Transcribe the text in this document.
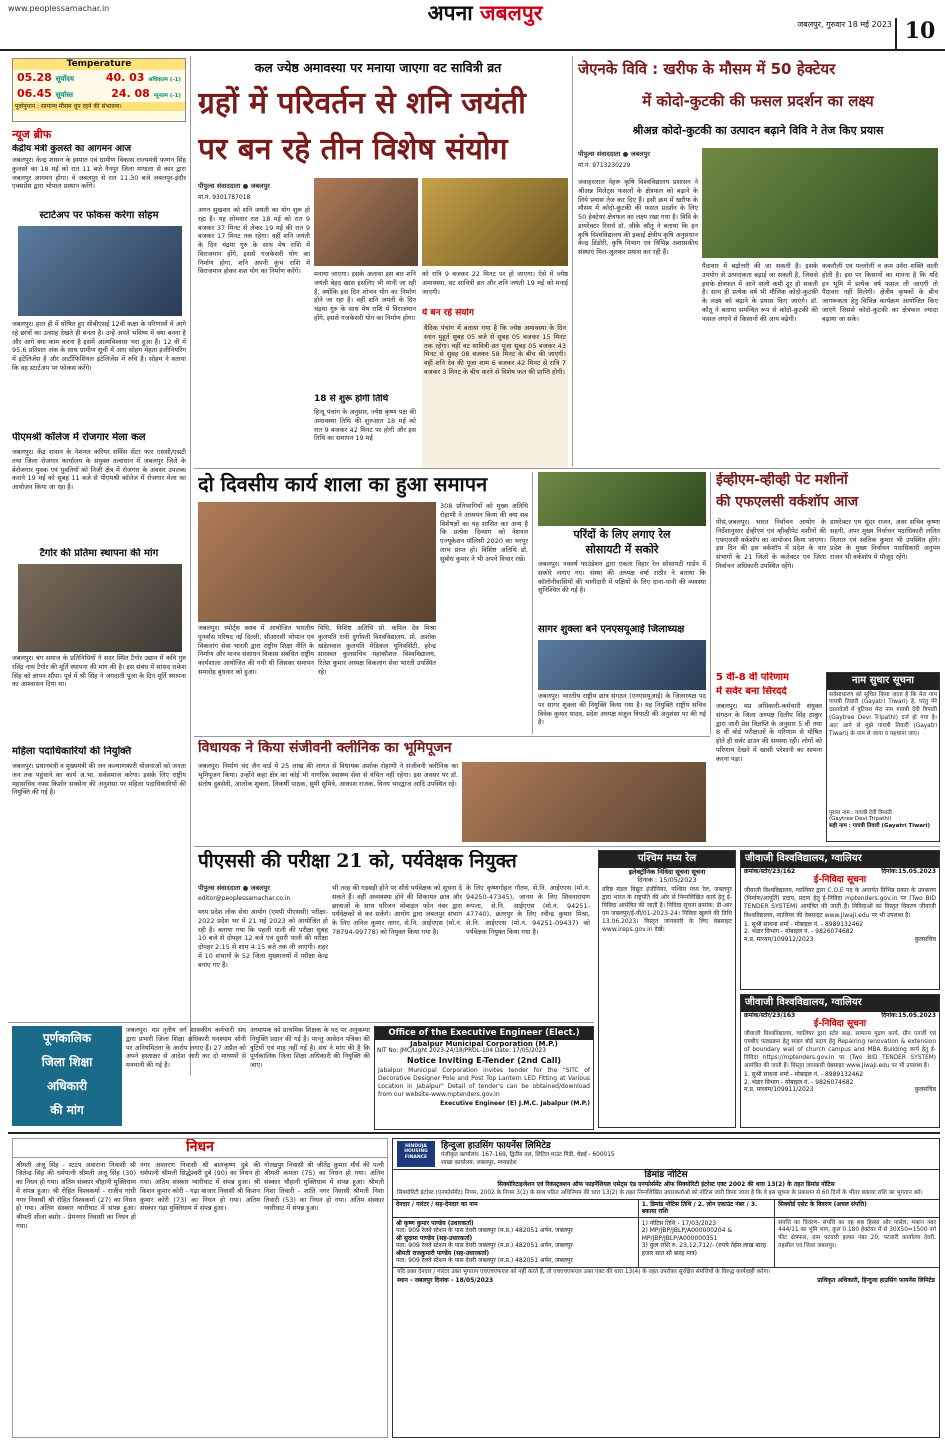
www.peoplessamachar.in	अपना जबलपुर	जबलपुर, गुरुवार 18 मई 2023 10
Temperature
05.28 सूर्योदय	40. 03 अधिकतम (-1)
06.45 सूर्यास्त	24. 08 न्यूनतम (-1)
पूर्वानुमान : सामान्य मौसम धूप रहने की संभावना।
न्यूज ब्रीफ
केंद्रीय मंत्री कुलस्ते का आगमन आज
जबलपुर। केन्द्र शासन के इस्पात एवं ग्रामीण विकास राज्यमंत्री फग्गन सिंह कुलस्ते का 18 मई को रात 11 बजे नैनपुर जिला मण्डला से कार द्वारा जबलपुर आगमन होगा। वे जबलपुर से रात 11.30 बजे जबलपुर-इंदौर एक्सप्रेस द्वारा भोपाल प्रस्थान करेंगे।
स्टार्टअप पर फोकस करेगा सोहम
जबलपुर। हाल ही में घोषित हुए सीबीएसई 12वीं कक्षा के परिणामों में आगे रहे छात्रों का उत्साह देखते ही बनता है। उन्हें अपने भविष्य में क्या बनना है और आगे क्या काम करना है इसमें आत्मविश्वास भरा हुआ है। 12 वीं में 95.6 प्रतिशत अंक के साथ ग्रामीण सूची में आए सोहम मेहता इंजीनियरिंग में इंटेलिजेंस है और आर्टीफिशियल इंटेलिजेंस में रुचि है। सोहम ने बताया कि वह स्टार्टअप पर फोकस करेंगे।
पीएमश्री कॉलेज में रोजगार मेला कल
जबलपुर। केंद्र शासन के नेशनल करियर सर्विस सेंटर फार एससी/एसटी तथा जिला रोजगार कार्यालय के संयुक्त तत्वाधान में जबलपुर जिले के बेरोजगार युवक एवं युवतियों को निजी क्षेत्र में रोजगार के अवसर उपलब्ध कराने 19 मई को सुबह 11 बजे से पीएमश्री कॉलेज में रोजगार मेला का आयोजन किया जा रहा है।
टैगोर की प्रतिमा स्थापना की मांग
जबलपुर। बंग समाज के प्रतिनिधियों ने सदर स्थित टैगोर उद्यान में कवि गुरु रविंद्र नाथ टैगोर की मूर्ति स्थापना की मांग की है। इस संबंध में सांसद राकेश सिंह को ज्ञापन सौंपा। पूर्व में श्री सिंह ने जगदाती पूजा के दिन मूर्ति स्थापना का आश्वासन दिया था।
महिला पदाधिकारियों की नियुक्ति
जबलपुर। प्रधानमंत्री व मुख्यमंत्री की जन कल्याणकारी योजनाओं को जनता जन तक पहुंचाने का कार्य अ.भा. सर्वसमाज करेगा। इसके लिए राष्ट्रीय महासचिव नफ्स किशोर सक्सेना की अनुशंसा पर महिला पदाधिकारियों की नियुक्ति की गई है।
कल ज्येष्ठ अमावस्या पर मनाया जाएगा वट सावित्री व्रत
ग्रहों में परिवर्तन से शनि जयंती
पर बन रहे तीन विशेष संयोग
पीपुल्स संवाददाता ● जबलपुर
मो.नं. 9301787018
अगन सुखवार को शनि जयंती का योग शुरू हो रहा है। यह सोमवार रात 18 मई को रात 9 बजकर 37 मिनट से लेकर 19 मई की रात 9 बजकर 17 मिनट तक रहेगा। वहीं शनि जयंती के दिन चंद्रमा गुरु के साथ मेष राशि में विराजमान होंगे, इससे गजकेसरी योग का निर्माण होगा, शनि अपनी कुंभ राशि में विराजमान होकर शश योग का निर्माण करेंगे।	मनाया जाएगा। इसके अलावा इस बार शनि जयंती बेहद खास इसलिए भी मानी जा रही है, क्योंकि इस दिन शोभन योग का निर्माण होने जा रहा है। वहीं शनि जयंती के दिन चंद्रमा गुरु के साथ मेष राशि में विराजमान होंगे, इससे गजकेसरी योग का निर्माण होगा।
18 से शुरू होगी तिथि
हिन्दू पंचांग के अनुसार, ज्येष्ठ कृष्ण पक्ष की अमावस्या तिथि की शुरुआत 18 मई को रात 9 बजकर 42 मिनट पर होगी और इस तिथि का समापन 19 मई
को रात्रि 9 बजकर 22 मिनट पर हो जाएगा। ऐसे में ज्येष्ठ अमावस्या, वट सावित्री व्रत और शनि जयंती 19 मई को मनाई जाएगी।
ये बन रहे संयोग
वैदिक पंचांग में बताया गया है कि ज्येष्ठ अमावस्या के दिन स्नान मुहूर्त सुबह 05 बजे से सुबह 05 बजकर 15 मिनट तक रहेगा। वहीं वट सावित्री व्रत पूजा सुबह 05 बजकर 43 मिनट से सुबह 08 बजकर 58 मिनट के बीच की जाएगी। वहीं शनि देव की पूजा शाम 6 बजकर 42 मिनट से रात्रि 7 बजकर 3 मिनट के बीच करने से विशेष फल की प्राप्ति होगी।
जेएनके विवि : खरीफ के मौसम में 50 हेक्टेयर
में कोदो-कुटकी की फसल प्रदर्शन का लक्ष्य
श्रीअन्न कोदो-कुटकी का उत्पादन बढ़ाने विवि ने तेज किए प्रयास
पीपुल्स संवाददाता ● जबलपुर
मो.नं. 9713230229
जवाहरलाल नेहरू कृषि विश्वविद्यालय प्रशासन ने श्रीअन्न मिलेट्स फसलों के क्षेत्रफल को बढ़ाने के लिये प्रयास तेज कर दिए हैं। इसी क्रम में खरीफ के मौसम में कोदो-कुटकी की फसल प्रदर्शन के लिए 50 हेक्टेयर क्षेत्रफल का लक्ष्य रखा गया है। विवि के डायरेक्टर रिसर्च डॉ. जीके कौतू ने बताया कि इन कृषि विश्वविद्यालय की इकाई क्षेत्रीय कृषि अनुसंधान केन्द्र डिंडोरी, कृषि विभाग एवं विभिन्न अशासकीय संस्थाएं मिल-जुलकर प्रयास कर रही हैं।
पैदावार में बढ़ोत्तरी की जा सकती है। इसके उपयोग से उत्पादकता बढ़ाई जा सकती है, जिससे इसके क्षेत्रफल में आने वाली कमी दूर हो सकती है। साथ ही प्रत्येक वर्ष भी मौलिक कोदो-कुटकी के लक्ष्य को बढ़ाने के प्रयास किए जाएंगे। डॉ. कौतू ने बताया समन्वित रूप से कोदो-कुटकी की फसल लगाने से किसानों की आय बढ़ेगी।
ककरौली एवं पल्लोली व कम उर्वरा शक्ति वाली होती है। इस पर किसानों का मानना है कि यदि इन भूमि में प्रत्येक वर्ष फसल ली जाएगी तो पैदावार नहीं मिलेगी। क्षेत्रीय कृषकों के बीच जागरूकता हेतु विभिन्न कार्यक्रम आयोजित किए जाएंगे जिससे कोदो-कुटकी का क्षेत्रफल ज्यादा बढ़ाया जा सके।
दो दिवसीय कार्य शाला का हुआ समापन
जबलपुर। स्पोर्ट्स क्लब में आयोजित भारतीय पुनर्वास परिषद नई दिल्ली, सीआरसी भोपाल एवं विकलांग सेवा भारती द्वारा राष्ट्रीय शिक्षा नीति के निर्माण और मानव संसाधन विकास संबंधित राष्ट्रीय कार्यशाला आयोजित की गयी थी जिसका समापन समारोह बुधवार को हुआ।
विधि, विशिष्ट अतिथि प्रो. कपिल देव मिश्रा कुलपति रानी दुर्गावती विश्वविद्यालय, प्रो. अशोक खंडेलवाल कुलपति मेडिकल यूनिवर्सिटी, हरेन्द्र सारस्वत कुलसचिव महाकौशल विश्वविद्यालय, रितेश कुमार अध्यक्ष विकलांग सेवा भारती उपस्थित रहे।
308 प्रतिभागियों को मुख्य अतिथि रोहाणी ने अध्ययन किया की क्या सब विशेषज्ञों का यह शासित कर अन्य है कि प्रत्येक दिव्यांग को नेशनल एज्यूकेशन पॉलिसी 2020 का भरपूर लाभ प्राप्त हो। विशिष्ट अतिथि डॉ. सुबोध कुमार ने भी अपने विचार रखे।
परिंदों के लिए लगाए रेल
सोसायटी में सकोरे
जबलपुर। नववर्ष फाउंडेशन द्वारा एकता विहार रेल सोसायटी गार्डन में सकोरे लगाए गए। संस्था की अध्यक्ष वर्षा राठौर ने बताया कि कॉलोनीवासियों की भागीदारी में पक्षियों के लिए दाना-पानी की व्यवस्था सुनिश्चित की गई है।
सागर शुक्ला बने एनएसयूआई जिलाध्यक्ष
जबलपुर। भारतीय राष्ट्रीय छात्र संगठन (एनएसयूआई) के जिलाध्यक्ष पद पर सागर शुक्ला की नियुक्ति किया गया है। यह नियुक्ति राष्ट्रीय सचिव विवेक कुमार यादव, प्रदेश अध्यक्ष मंजुल त्रिपाठी की अनुशंसा पर की गई है।
ईव्हीएम-व्हीव्ही पेट मशीनों
की एफएलसी वर्कशॉप आज
पीसं,जबलपुर। भारत निर्वाचन आयोग के निर्देशानुसार ईव्हीएम एवं व्हीव्हीपेट मशीनों की एफएलसी वर्कशॉप का आयोजन किया जाएगा। इस दिन की इस वर्कशॉप में प्रदेश के चार संभागों के 21 जिलों के कलेक्टर एवं जिला निर्वाचन अधिकारी उपस्थित रहेंगे।
डायरेक्टर एम सुंदर राजन, अवर सचिव कृष्णा सहनी, अपर मुख्य निर्वाचन पदाधिकारी ललित निलाल एवं स्वतिक कुमार भी उपस्थित होंगे। प्रदेश के मुख्य निर्वाचन पदाधिकारी अनुपम राजन भी वर्कशॉप में मौजूद रहेंगे।
5 वीं-8 वीं परिणाम
में सर्वर बना सिरदर्द
जबलपुर। मप्र अधिकारी-कर्मचारी संयुक्त संगठन के जिला अध्यक्ष दिलीप सिंह ठाकुर द्वारा जारी प्रेस विज्ञप्ति के अनुसार 5 वीं तथा 8 वीं बोर्ड परीक्षाओं के परिणाम से घोषित होते ही सर्वर डाउन की समस्या रही। लोगों को परिणाम देखने में खासी परेशानी का सामना करना पड़ा।
नाम सुधार सूचना
सर्वसाधारण को सूचित किया जाता है कि मेरा नाम गायत्री तिवारी (Gayatri Tiwari) है, परंतु मेरे दस्तावेजों में त्रुटिवश मेरा नाम गायत्री देवी त्रिपाठी (Gaytree Devi Tripathi) दर्ज हो गया है। अतः आगे से मुझे गायत्री तिवारी (Gayatri Tiwari) के नाम से जाना व पहचाना जाए।
पुराना नाम : गायत्री देवी त्रिपाठी
(Gaytree Devi Tripathi)
सही नाम : गायत्री तिवारी (Gayatri Tiwari)
विधायक ने किया संजीवनी क्लीनिक का भूमिपूजन
जबलपुर। निर्माण चंद जैन वार्ड में 25 लाख की लागत से विधायक अशोक रोहाणी ने संजीवनी क्लीनिक का भूमिपूजन किया। उन्होंने कहा क्षेत्र का कोई भी नागरिक स्वास्थ्य सेवा से वंचित नहीं रहेगा। इस अवसर पर डॉ. संतोष दुबसेवी, आलोक शुक्ला, लिकर्षी पाठक, सुमी सुमित्रे, आकाश राजक, विनय भारद्वाज आदि उपस्थित रहे।
पीएससी की परीक्षा 21 को, पर्यवेक्षक नियुक्त
पीपुल्स संवाददाता ● जबलपुर
editor@peoplessamachar.co.in
मध्य प्रदेश लोक सेवा आयोग (एमपी पीएससी) परीक्षा- 2022 प्रदेश भर में 21 मई 2023 को आयोजित हो रही है। बताया गया कि पहली पाली की परीक्षा सुबह 10 बजे से दोपहर 12 बजे एवं दूसरी पाली की परीक्षा दोपहर 2:15 से शाम 4:15 बजे तक ली जाएगी। शहर में 10 संभागों के 52 जिला मुख्यालयों में परीक्षा केन्द्र बनाए गए हैं।
भी तरह की गड़बड़ी होने पर सीधे पर्यवेक्षक को सूचना दे सकते हैं। वहीं अव्यवस्था होने की शिकायत छात्र और छात्राओं के साथ परिजन मोबाइल फोन नंबर द्वारा पर्यवेक्षकों से कर सकेंगे। आयोग द्वारा जबलपुर संभाग के लिए अनिल कुमार नागर, से.नि. आईएएस (मो.नं. 78794-99778) को नियुक्त किया गया है।
के लिए कृष्णगोहल गौतम, से.नि. आईएएस (मो.नं. 94250-47345), जानम के लिए शिवनारायण रूपला, से.नि. आईएएस (मो.नं. 94251-47740), छतरपुर के लिए रवीन्द्र कुमार मिश्रा, से.नि. आईएएस (मो.नं. 94251-09437) को पर्यवेक्षक नियुक्त किया गया है।
पूर्णकालिक
जिला शिक्षा
अधिकारी
की मांग
जबलपुर। मप्र तृतीय वर्ग शासकीय कर्मचारी संघ द्वारा प्रभारी जिला शिक्षा अधिकारी घनश्याम सोनी पर अनियमितता के आरोप लगाए हैं। 27 अप्रैल को अपने हस्ताक्षर से आदेश जारी कर दो माध्यमों से मनमानी की गई है।
अध्यापक को प्राथमिक शिक्षक के पद पर अनुकम्पा नियुक्ति प्रदान की गई है। परन्तु आवेदन पत्रिका की त्रुटियों एवं माह नहीं गई है। संघ ने मांग की है कि पूर्णकालिक जिला शिक्षा अधिकारी की नियुक्ति की जाए।
Office of the Executive Engineer (Elect.)
Jabalpur Municipal Corporation (M.P.)
NIT No: JMC/Light 2023-24/18/PROL-104 Date: 17/05/2023
Notice Inviting E-Tender (2nd Call)
Jabalpur Municipal Corporation invites tender for the "SITC of Decorative Designer Pole and Post Top Lantern LED Fitting at Various Location in Jabalpur" Detail of tender's can be obtained/download from our website-www.mptenders.gov.in
Executive Engineer (E) J.M.C. Jabalpur (M.P.)
पश्चिम मध्य रेल
इलेक्ट्रॉनिक निविदा सूचना सूचना
दिनांक : 15/05/2023
वरिष्ठ मंडल विद्युत इंजीनियर, पश्चिम मध्य रेल, जबलपुर द्वारा भारत के राष्ट्रपति की ओर से निम्नलिखित कार्य हेतु ई-निविदा आमंत्रित की जाती है। निविदा सूचना क्रमांक: डी-आर एम जबलपुर/ई-वी/01-2023-24। निविदा खुलने की तिथि 13.06.2023। विस्तृत जानकारी के लिए वेबसाइट www.ireps.gov.in देखें।
जीवाजी विश्वविद्यालय, ग्वालियर
क्रमांक/स्टोर/23/162	दिनांक:15.05.2023
ई-निविदा सूचना
जीवाजी विश्वविद्यालय, ग्वालियर द्वारा C.O.E पद के अन्तर्गत विभिन्न प्रकार के उपकरण (निर्माण/आपूर्ति) प्रदाय, प्रदाय हेतु ई-निविदा mptenders.gov.in पर (Two BID TENDER SYSTEM) आमंत्रित की जाती हैं। निविदाओं का विस्तृत विवरण जीवाजी विश्वविद्यालय, ग्वालियर की वेबसाइट www.JiwaJi.edu पर भी उपलब्ध है।
1. सुश्री साधना शर्मा - मोबाइल नं. - 8989132462
2. भंडार विभाग - मोबाइल नं. - 9826074682
म.प्र. माध्यम/109912/2023	कुलसचिव
जीवाजी विश्वविद्यालय, ग्वालियर
क्रमांक/स्टोर/23/163	दिनांक:15.05.2023
ई-निविदा सूचना
जीवाजी विश्वविद्यालय, ग्वालियर द्वारा स्टोर कक्ष, सामान्य मुद्रण कार्य, ग्रीन एनर्जी एवं एमबीए पाठ्यक्रम हेतु साइन बोर्ड प्रदाय हेतु Repairing renovation & extension of boundary wall of church campus and MBA Building कार्य हेतु ई-निविदा https://mptenders.gov.in पर (Two BID TENDER SYSTEM) आमंत्रित की जाती हैं। विस्तृत जानकारी वेबसाइट www.JiwaJi.edu पर भी उपलब्ध है।
1. सुश्री साधना शर्मा - मोबाइल नं. - 8989132462
2. भंडार विभाग - मोबाइल नं. - 9826074682
म.प्र. माध्यम/109911/2023	कुलसचिव
निधन
श्रीमती अंजू सिंह - स्टटप अवाराना निवासी श्री जितेन्द्र सिंह की धर्मपत्नी श्रीमती अंजू सिंह (30) का निधन हो गया। अंतिम संस्कार चौहानी मुक्तिधाम में संपन्न हुआ। श्री रोहित विश्वकर्मा - राजीव गांधी नगर निवासी श्री रोहित विश्वकर्मा (27) का निधन हो गया। अंतिम संस्कार ग्वारीघाट में संपन्न हुआ। श्रीमती शीला बसोर - प्रेमनगर निवासी का निधन हो गया।
नगर अवतरण निवासी श्री बालकृष्ण दुबे की धर्मपत्नी श्रीमती सिद्धेश्वरी दुबे (90) का निधन हो गया। अंतिम संस्कार ग्वारीघाट में संपन्न हुआ। श्री किशन कुमार कोरी - गढ़ा बाजार निवासी श्री किशन कुमार कोरी (73) का निधन हो गया। अंतिम संस्कार गढ़ा मुक्तिधाम में संपन्न हुआ।
गोरखपुर निवासी श्री जीतेंद्र कुमार मौर्य की पत्नी श्रीमती कमला (75) का निधन हो गया। अंतिम संस्कार चौहानी मुक्तिधाम में संपन्न हुआ। श्रीमती निशा तिवारी - शांति नगर निवासी श्रीमती निशा तिवारी (53) का निधन हो गया। अंतिम संस्कार ग्वारीघाट में संपन्न हुआ।
HINDUJA HOUSING FINANCE
हिन्दुजा हाउसिंग फायनेंस लिमिटेड
पंजीकृत कार्यालय: 167-169, द्वितीय तल, लिटिल माउंट गिंडी, चेन्नई - 600015
शाखा कार्यालय: जबलपुर, मध्यप्रदेश
डिमांड नोटिस
सिक्योरिटाइजेशन एवं रिकंस्ट्रक्शन ऑफ फाइनेंशियल एसेट्स एंड एनफोर्समेंट ऑफ सिक्योरिटी इंटरेस्ट एक्ट 2002 की धारा 13(2) के तहत डिमांड नोटिस
सिक्योरिटी इंटरेस्ट (एनफोर्समेंट) नियम, 2002 के नियम 3(1) के साथ पठित अधिनियम की धारा 13(2) के तहत निम्नलिखित उधारकर्ताओं को नोटिस जारी किया जाता है कि वे इस सूचना के प्रकाशन से 60 दिनों के भीतर बकाया राशि का भुगतान करें।
देनदार / गारंटर / सह-देनदार का नाम	1. डिमांड नोटिस तिथि / 2. लोन एकाउंट नंबर / 3. बकाया राशि
सिक्योर्ड एसेट के विवरण (अचल संपत्ति)
श्री कृष्ण कुमार पाण्डेय (उधारकर्ता)
पता: 909 रेलवे स्टेशन के पास देवरी जबलपुर (म.प्र.) 482051 अर्पन, जबलपुर
श्री सुदामा पाण्डेय (सह-उधारकर्ता)
पता: 909 रेलवे स्टेशन के पास देवरी जबलपुर (म.प्र.) 482051 अर्पन, जबलपुर
श्रीमती राजकुमारी पाण्डेय (सह-उधारकर्ता)
पता: 909 रेलवे स्टेशन के पास देवरी जबलपुर (म.प्र.) 482051 अर्पन, जबलपुर
1) नोटिस तिथि - 17/03/2023
2) MP/JBP/JBLP/A000000204 & MP/JBP/JBLP/A000000351
3) कुल राशि रु. 23,12,712/- (रुपये तेईस लाख बारह हजार सात सौ बारह मात्र)
संपत्ति का विवरण- संपत्ति का वह सब हिस्सा और पार्सल, मकान नंबर 444/11 का भूमि भाग, कुल 0.180 हेक्टेयर में से 30X50=1500 वर्ग फीट क्षेत्रफल, ग्राम पटवारी हल्का नंबर 20, पटवारी कार्यालय देवरी, तहसील एवं जिला जबलपुर।
यदि उक्त देनदार / गारंटर उक्त भुगतान एचएचएफएल को नहीं करते हैं, तो एचएचएफएल उक्त एक्ट की धारा 13(4) के तहत उपरोक्त सुरक्षित संपत्तियों के विरुद्ध कार्यवाही करेगा।
स्थान - जबलपुर दिनांक - 18/05/2023	प्राधिकृत अधिकारी, हिन्दुजा हाउसिंग फायनेंस लिमिटेड
